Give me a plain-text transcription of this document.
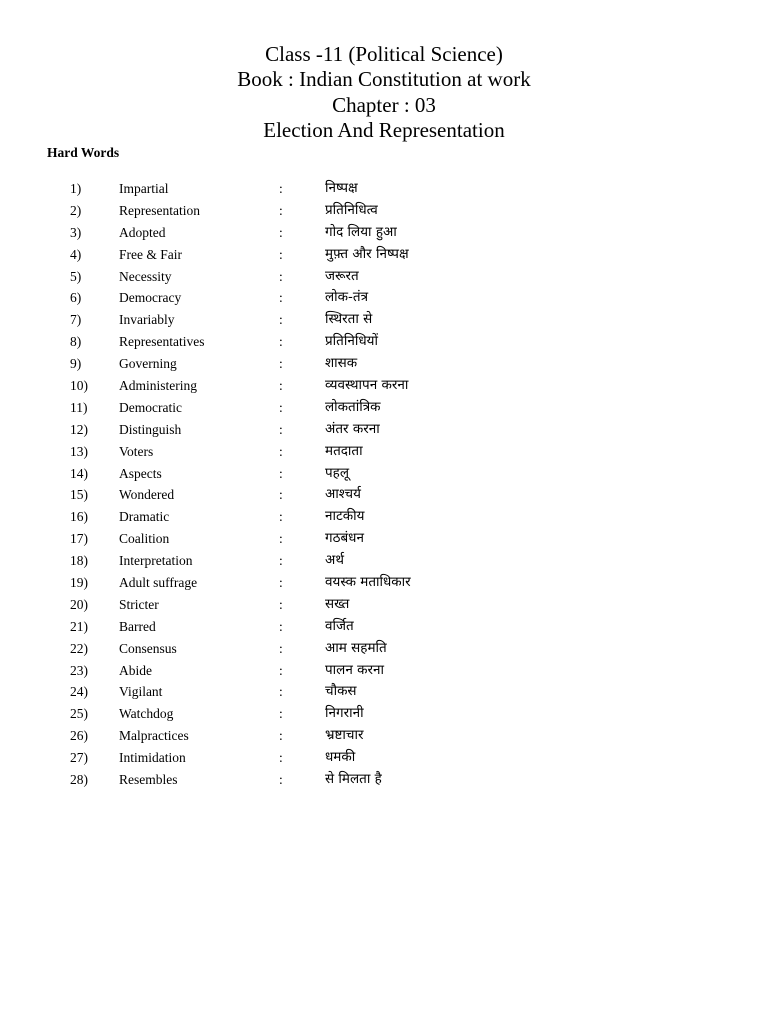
Class -11 (Political Science)
Book : Indian Constitution at work
Chapter : 03
Election And Representation
Hard Words
1)	Impartial	:	निष्पक्ष
2)	Representation	:	प्रतिनिधित्व
3)	Adopted	:	गोद लिया हुआ
4)	Free & Fair	:	मुफ़्त और निष्पक्ष
5)	Necessity	:	जरूरत
6)	Democracy	:	लोक-तंत्र
7)	Invariably	:	स्थिरता से
8)	Representatives	:	प्रतिनिधियों
9)	Governing	:	शासक
10) Administering	:	व्यवस्थापन करना
11) Democratic	:	लोकतांत्रिक
12) Distinguish	:	अंतर करना
13) Voters	:	मतदाता
14) Aspects	:	पहलू
15) Wondered	:	आश्चर्य
16) Dramatic	:	नाटकीय
17) Coalition	:	गठबंधन
18) Interpretation	:	अर्थ
19) Adult suffrage	:	वयस्क मताधिकार
20) Stricter	:	सख्त
21) Barred	:	वर्जित
22) Consensus	:	आम सहमति
23) Abide	:	पालन करना
24) Vigilant	:	चौकस
25) Watchdog	:	निगरानी
26) Malpractices	:	भ्रष्टाचार
27) Intimidation	:	धमकी
28) Resembles	:	से मिलता है
